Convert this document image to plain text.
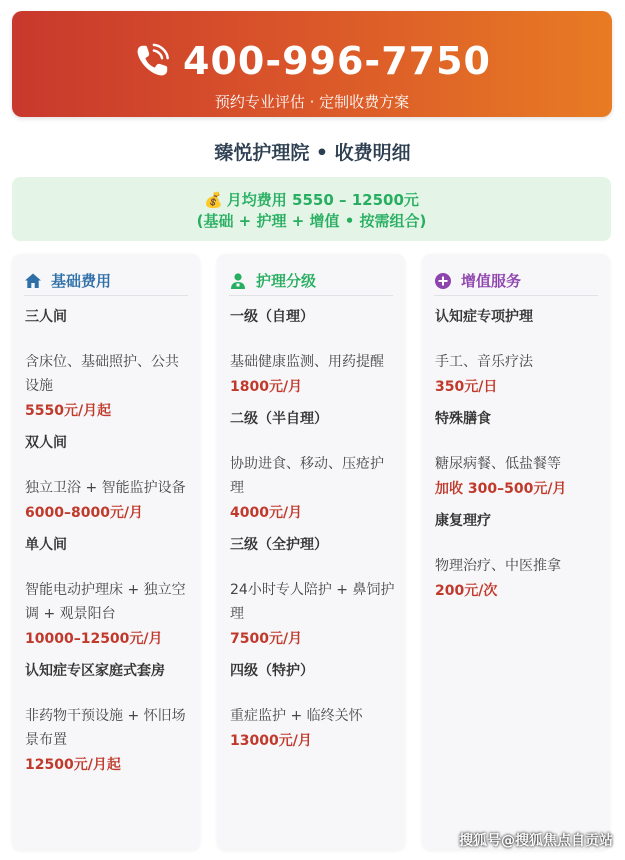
400-996-7750
预约专业评估 · 定制收费方案
臻悦护理院 • 收费明细
💰 月均费用 5550 – 12500元
(基础 + 护理 + 增值 • 按需组合)
基础费用
三人间
含床位、基础照护、公共设施
5550元/月起
双人间
独立卫浴 + 智能监护设备
6000–8000元/月
单人间
智能电动护理床 + 独立空调 + 观景阳台
10000–12500元/月
认知症专区家庭式套房
非药物干预设施 + 怀旧场景布置
12500元/月起
护理分级
一级（自理）
基础健康监测、用药提醒
1800元/月
二级（半自理）
协助进食、移动、压疮护理
4000元/月
三级（全护理）
24小时专人陪护 + 鼻饲护理
7500元/月
四级（特护）
重症监护 + 临终关怀
13000元/月
增值服务
认知症专项护理
手工、音乐疗法
350元/日
特殊膳食
糖尿病餐、低盐餐等
加收 300–500元/月
康复理疗
物理治疗、中医推拿
200元/次
搜狐号@搜狐焦点自贡站
